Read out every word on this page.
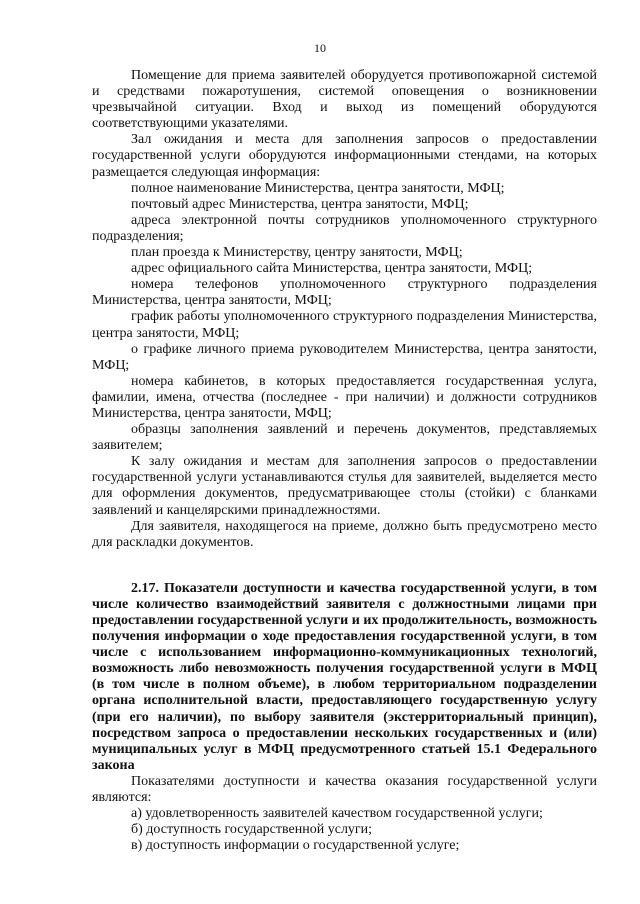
10

Помещение для приема заявителей оборудуется противопожарной системой и средствами пожаротушения, системой оповещения о возникновении чрезвычайной ситуации. Вход и выход из помещений оборудуются соответствующими указателями.

Зал ожидания и места для заполнения запросов о предоставлении государственной услуги оборудуются информационными стендами, на которых размещается следующая информация:

полное наименование Министерства, центра занятости, МФЦ;

почтовый адрес Министерства, центра занятости, МФЦ;

адреса электронной почты сотрудников уполномоченного структурного подразделения;

план проезда к Министерству, центру занятости, МФЦ;

адрес официального сайта Министерства, центра занятости, МФЦ;

номера телефонов уполномоченного структурного подразделения Министерства, центра занятости, МФЦ;

график работы уполномоченного структурного подразделения Министерства, центра занятости, МФЦ;

о графике личного приема руководителем Министерства, центра занятости, МФЦ;

номера кабинетов, в которых предоставляется государственная услуга, фамилии, имена, отчества (последнее - при наличии) и должности сотрудников Министерства, центра занятости, МФЦ;

образцы заполнения заявлений и перечень документов, представляемых заявителем;

К залу ожидания и местам для заполнения запросов о предоставлении государственной услуги устанавливаются стулья для заявителей, выделяется место для оформления документов, предусматривающее столы (стойки) с бланками заявлений и канцелярскими принадлежностями.

Для заявителя, находящегося на приеме, должно быть предусмотрено место для раскладки документов.

2.17. Показатели доступности и качества государственной услуги, в том числе количество взаимодействий заявителя с должностными лицами при предоставлении государственной услуги и их продолжительность, возможность получения информации о ходе предоставления государственной услуги, в том числе с использованием информационно-коммуникационных технологий, возможность либо невозможность получения государственной услуги в МФЦ (в том числе в полном объеме), в любом территориальном подразделении органа исполнительной власти, предоставляющего государственную услугу (при его наличии), по выбору заявителя (экстерриториальный принцип), посредством запроса о предоставлении нескольких государственных и (или) муниципальных услуг в МФЦ предусмотренного статьей 15.1 Федерального закона

Показателями доступности и качества оказания государственной услуги являются:

а) удовлетворенность заявителей качеством государственной услуги;

б) доступность государственной услуги;

в) доступность информации о государственной услуге;
